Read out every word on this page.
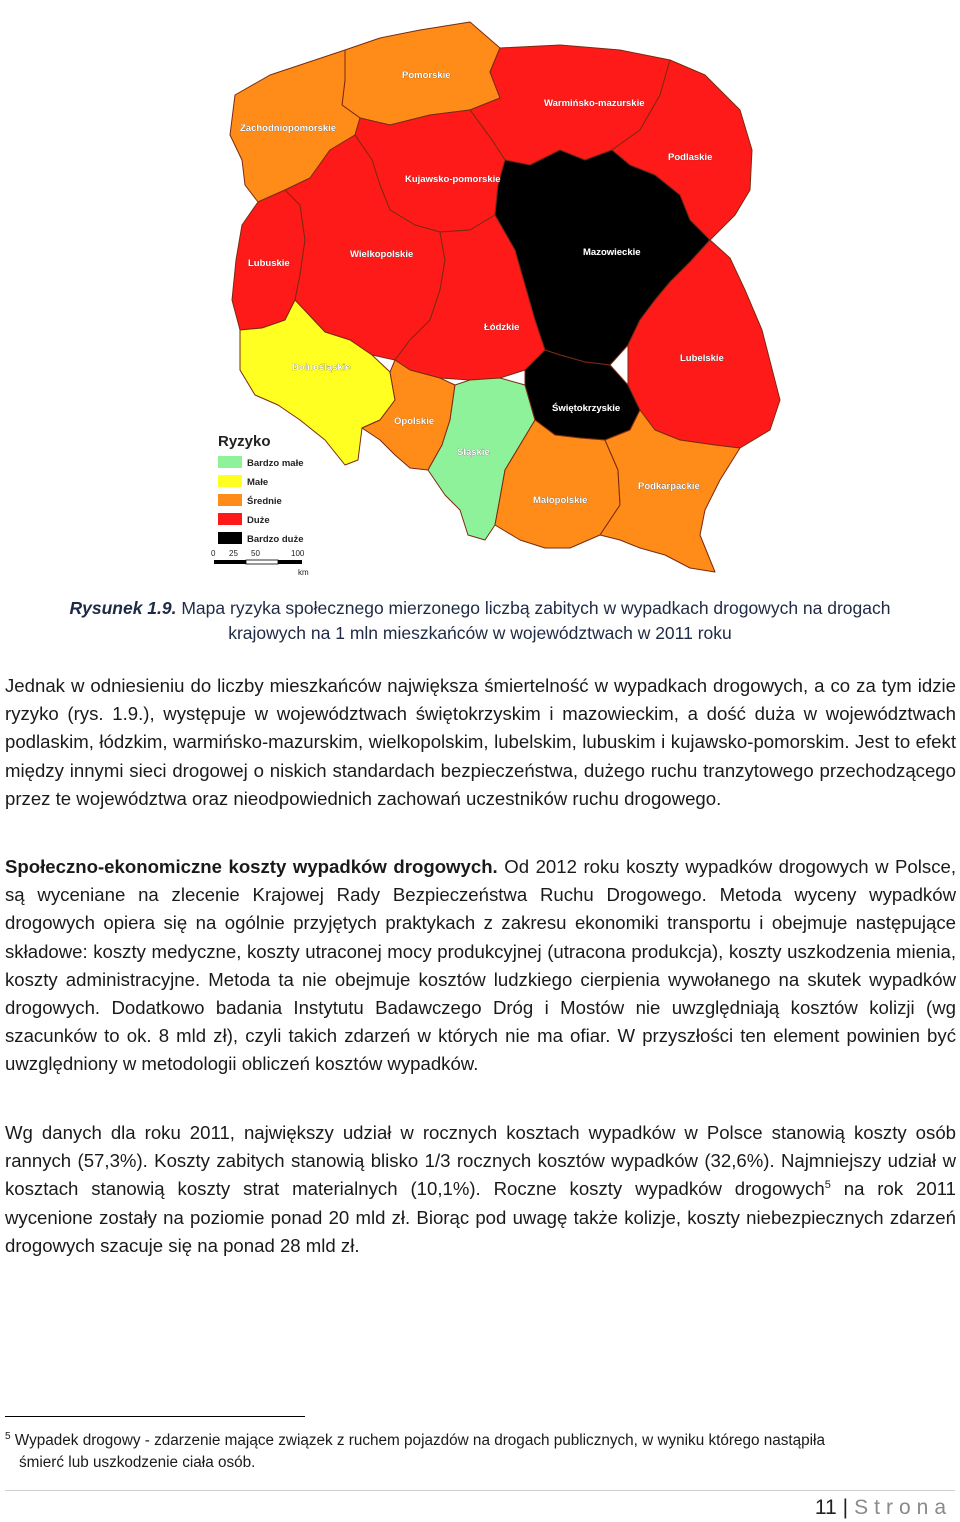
Pomorskie
Zachodniopomorskie
Warmińsko-mazurskie
Podlaskie
Kujawsko-pomorskie
Mazowieckie
Lubuskie
Wielkopolskie
Łódzkie
Lubelskie
Dolnośląskie
Świętokrzyskie
Opolskie
Śląskie
Podkarpackie
Małopolskie
Ryzyko
Bardzo małe
Małe
Średnie
Duże
Bardzo duże
0 25 50	100
km
Rysunek 1.9. Mapa ryzyka społecznego mierzonego liczbą zabitych w wypadkach drogowych na drogach
krajowych na 1 mln mieszkańców w województwach w 2011 roku

Jednak w odniesieniu do liczby mieszkańców największa śmiertelność w wypadkach drogowych, a co za tym idzie ryzyko (rys. 1.9.), występuje w województwach świętokrzyskim i mazowieckim, a dość duża w województwach podlaskim, łódzkim, warmińsko-mazurskim, wielkopolskim, lubelskim, lubuskim i kujawsko-pomorskim. Jest to efekt między innymi sieci drogowej o niskich standardach bezpieczeństwa, dużego ruchu tranzytowego przechodzącego przez te województwa oraz nieodpowiednich zachowań uczestników ruchu drogowego.

Społeczno-ekonomiczne koszty wypadków drogowych. Od 2012 roku koszty wypadków drogowych w Polsce, są wyceniane na zlecenie Krajowej Rady Bezpieczeństwa Ruchu Drogowego. Metoda wyceny wypadków drogowych opiera się na ogólnie przyjętych praktykach z zakresu ekonomiki transportu i obejmuje następujące składowe: koszty medyczne, koszty utraconej mocy produkcyjnej (utracona produkcja), koszty uszkodzenia mienia, koszty administracyjne. Metoda ta nie obejmuje kosztów ludzkiego cierpienia wywołanego na skutek wypadków drogowych. Dodatkowo badania Instytutu Badawczego Dróg i Mostów nie uwzględniają kosztów kolizji (wg szacunków to ok. 8 mld zł), czyli takich zdarzeń w których nie ma ofiar. W przyszłości ten element powinien być uwzględniony w metodologii obliczeń kosztów wypadków.

Wg danych dla roku 2011, największy udział w rocznych kosztach wypadków w Polsce stanowią koszty osób rannych (57,3%). Koszty zabitych stanowią blisko 1/3 rocznych kosztów wypadków (32,6%). Najmniejszy udział w kosztach stanowią koszty strat materialnych (10,1%). Roczne koszty wypadków drogowych$^5$ na rok 2011 wycenione zostały na poziomie ponad 20 mld zł. Biorąc pod uwagę także kolizje, koszty niebezpiecznych zdarzeń drogowych szacuje się na ponad 28 mld zł.

$^5$ Wypadek drogowy - zdarzenie mające związek z ruchem pojazdów na drogach publicznych, w wyniku którego nastąpiła
śmierć lub uszkodzenie ciała osób.
11 | Strona
